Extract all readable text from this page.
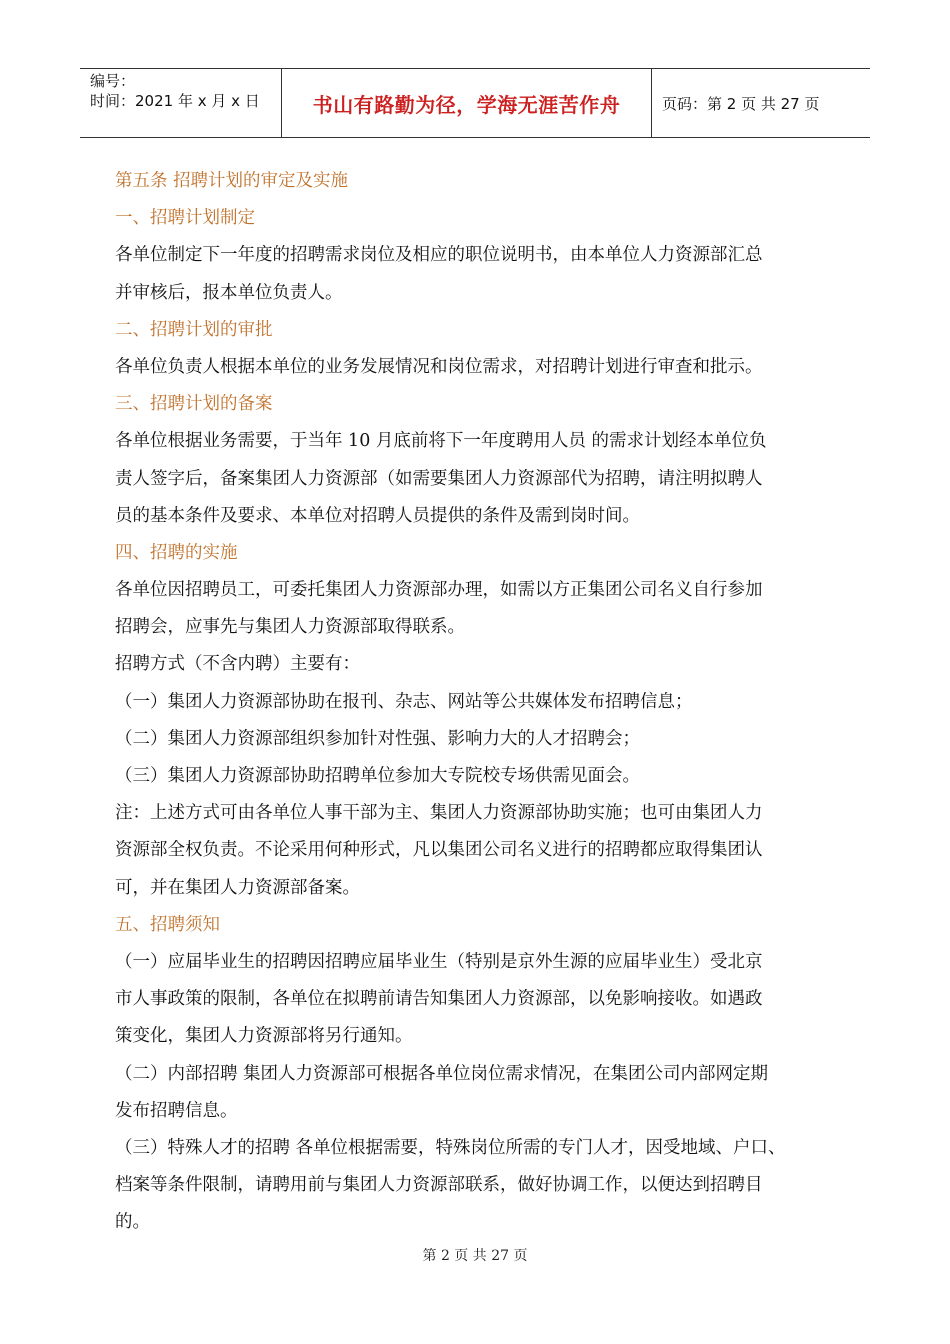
编号：
时间：2021 年 x 月 x 日	书山有路勤为径，学海无涯苦作舟	页码：第 2 页 共 27 页
第五条 招聘计划的审定及实施
一、招聘计划制定
各单位制定下一年度的招聘需求岗位及相应的职位说明书，由本单位人力资源部汇总
并审核后，报本单位负责人。
二、招聘计划的审批
各单位负责人根据本单位的业务发展情况和岗位需求，对招聘计划进行审查和批示。
三、招聘计划的备案
各单位根据业务需要，于当年 10 月底前将下一年度聘用人员 的需求计划经本单位负
责人签字后，备案集团人力资源部（如需要集团人力资源部代为招聘，请注明拟聘人
员的基本条件及要求、本单位对招聘人员提供的条件及需到岗时间。
四、招聘的实施
各单位因招聘员工，可委托集团人力资源部办理，如需以方正集团公司名义自行参加
招聘会，应事先与集团人力资源部取得联系。
招聘方式（不含内聘）主要有：
（一）集团人力资源部协助在报刊、杂志、网站等公共媒体发布招聘信息；
（二）集团人力资源部组织参加针对性强、影响力大的人才招聘会；
（三）集团人力资源部协助招聘单位参加大专院校专场供需见面会。
注：上述方式可由各单位人事干部为主、集团人力资源部协助实施；也可由集团人力
资源部全权负责。不论采用何种形式，凡以集团公司名义进行的招聘都应取得集团认
可，并在集团人力资源部备案。
五、招聘须知
（一）应届毕业生的招聘因招聘应届毕业生（特别是京外生源的应届毕业生）受北京
市人事政策的限制，各单位在拟聘前请告知集团人力资源部，以免影响接收。如遇政
策变化，集团人力资源部将另行通知。
（二）内部招聘 集团人力资源部可根据各单位岗位需求情况，在集团公司内部网定期
发布招聘信息。
（三）特殊人才的招聘 各单位根据需要，特殊岗位所需的专门人才，因受地域、户口、
档案等条件限制，请聘用前与集团人力资源部联系，做好协调工作，以便达到招聘目
的。
第 2 页 共 27 页
